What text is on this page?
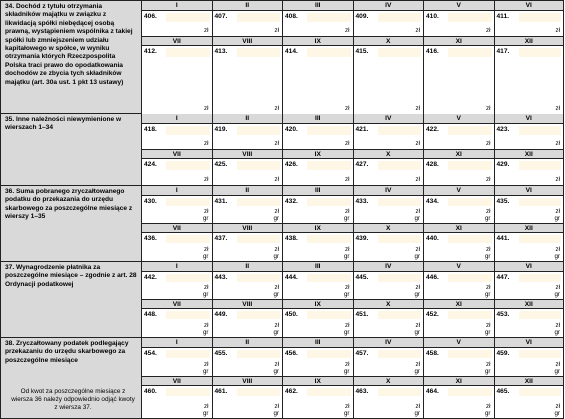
34. Dochód z tytułu otrzymania składników majątku w związku z likwidacją spółki niebędącej osobą prawną, wystąpieniem wspólnika z takiej spółki lub zmniejszeniem udziału kapitałowego w spółce, w wyniku otrzymania których Rzeczpospolita Polska traci prawo do opodatkowania dochodów ze zbycia tych składników majątku (art. 30a ust. 1 pkt 13 ustawy)
I
406.
zł
II
407.
zł
III
408.
zł
IV
409.
zł
V
410.
zł
VI
411.
zł
VII
412.
zł
VIII
413.
zł
IX
414.
zł
X
415.
zł
XI
416.
zł
XII
417.
zł
35. Inne należności niewymienione w wierszach 1–34
I
418.
zł
II
419.
zł
III
420.
zł
IV
421.
zł
V
422.
zł
VI
423.
zł
VII
424.
zł
VIII
425.
zł
IX
426.
zł
X
427.
zł
XI
428.
zł
XII
429.
zł
36. Suma pobranego zryczałtowanego podatku do przekazania do urzędu skarbowego za poszczególne miesiące z wierszy 1–35
I
430.
zł
gr
II
431.
zł
gr
III
432.
zł
gr
IV
433.
zł
gr
V
434.
zł
gr
VI
435.
zł
gr
VII
436.
zł
gr
VIII
437.
zł
gr
IX
438.
zł
gr
X
439.
zł
gr
XI
440.
zł
gr
XII
441.
zł
gr
37. Wynagrodzenie płatnika za poszczególne miesiące – zgodnie z art. 28 Ordynacji podatkowej
I
442.
zł
gr
II
443.
zł
gr
III
444.
zł
gr
IV
445.
zł
gr
V
446.
zł
gr
VI
447.
zł
gr
VII
448.
zł
gr
VIII
449.
zł
gr
IX
450.
zł
gr
X
451.
zł
gr
XI
452.
zł
gr
XII
453.
zł
gr
38. Zryczałtowany podatek podlegający przekazaniu do urzędu skarbowego za poszczególne miesiące
Od kwot za poszczególne miesiące z wiersza 36 należy odpowiednio odjąć kwoty z wiersza 37.
I
454.
zł
gr
II
455.
zł
gr
III
456.
zł
gr
IV
457.
zł
gr
V
458.
zł
gr
VI
459.
zł
gr
VII
460.
zł
gr
VIII
461.
zł
gr
IX
462.
zł
gr
X
463.
zł
gr
XI
464.
zł
gr
XII
465.
zł
gr
